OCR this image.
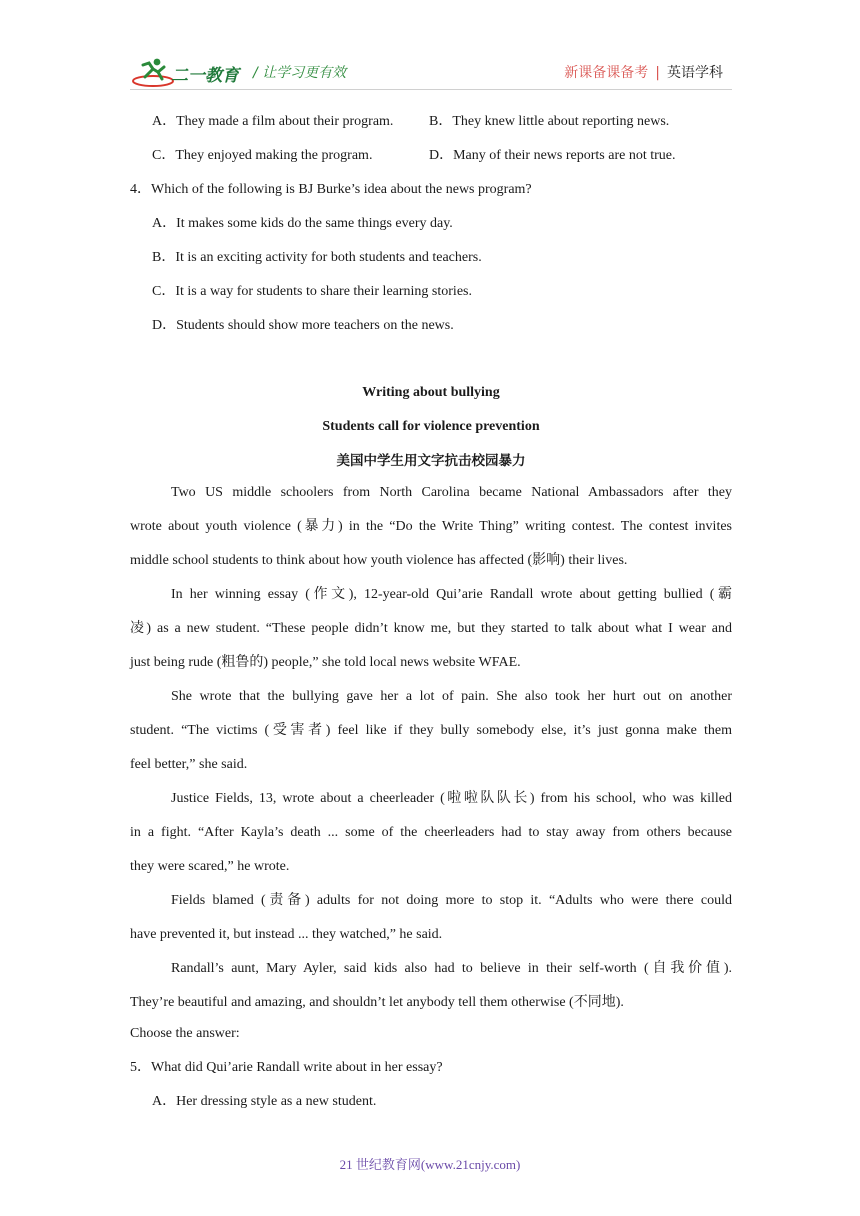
二一教育 / 让学习更有效	新课备课备考 | 英语学科
A．They made a film about their program.	B．They knew little about reporting news.
C．They enjoyed making the program.	D．Many of their news reports are not true.
4．Which of the following is BJ Burke’s idea about the news program?
A．It makes some kids do the same things every day.
B．It is an exciting activity for both students and teachers.
C．It is a way for students to share their learning stories.
D．Students should show more teachers on the news.
Writing about bullying
Students call for violence prevention
美国中学生用文字抗击校园暴力
Two US middle schoolers from North Carolina became National Ambassadors after they
wrote about youth violence (暴力) in the “Do the Write Thing” writing contest. The contest invites
middle school students to think about how youth violence has affected (影响) their lives.
In her winning essay (作文), 12-year-old Qui’arie Randall wrote about getting bullied (霸
凌) as a new student. “These people didn’t know me, but they started to talk about what I wear and
just being rude (粗鲁的) people,” she told local news website WFAE.
She wrote that the bullying gave her a lot of pain. She also took her hurt out on another
student. “The victims (受害者) feel like if they bully somebody else, it’s just gonna make them
feel better,” she said.
Justice Fields, 13, wrote about a cheerleader (啦啦队队长) from his school, who was killed
in a fight. “After Kayla’s death ... some of the cheerleaders had to stay away from others because
they were scared,” he wrote.
Fields blamed (责备) adults for not doing more to stop it. “Adults who were there could
have prevented it, but instead ... they watched,” he said.
Randall’s aunt, Mary Ayler, said kids also had to believe in their self-worth (自我价值).
They’re beautiful and amazing, and shouldn’t let anybody tell them otherwise (不同地).
Choose the answer:
5．What did Qui’arie Randall write about in her essay?
A．Her dressing style as a new student.
21 世纪教育网(www.21cnjy.com)
